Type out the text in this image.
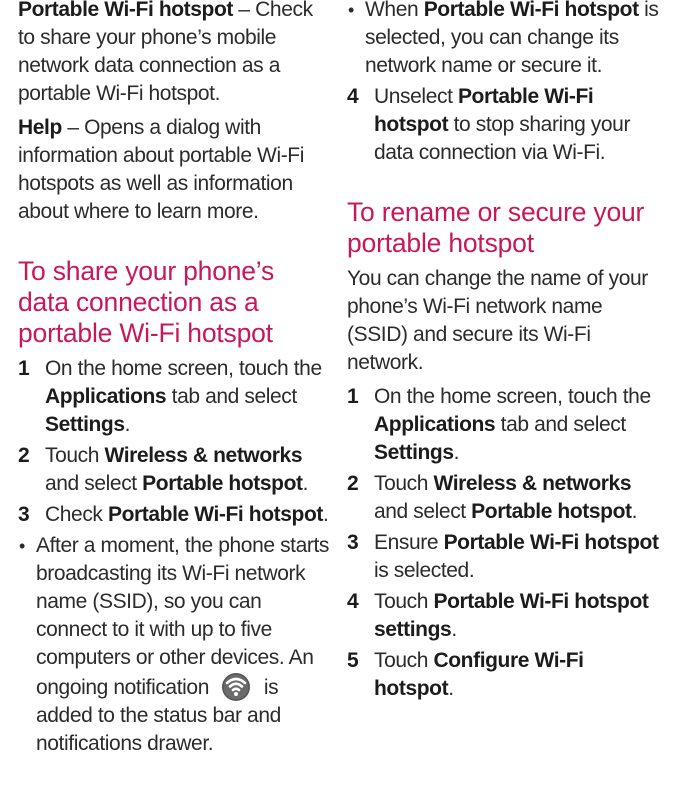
Portable Wi-Fi hotspot – Check to share your phone’s mobile network data connection as a portable Wi-Fi hotspot.

Help – Opens a dialog with information about portable Wi-Fi hotspots as well as information about where to learn more.

To share your phone’s data connection as a portable Wi-Fi hotspot
1 On the home screen, touch the Applications tab and select Settings.
2 Touch Wireless & networks and select Portable hotspot.
3 Check Portable Wi-Fi hotspot.
• After a moment, the phone starts broadcasting its Wi-Fi network name (SSID), so you can connect to it with up to five computers or other devices. An ongoing notification  is added to the status bar and notifications drawer.
• When Portable Wi-Fi hotspot is selected, you can change its network name or secure it.
4 Unselect Portable Wi-Fi hotspot to stop sharing your data connection via Wi-Fi.
To rename or secure your portable hotspot

You can change the name of your phone’s Wi-Fi network name (SSID) and secure its Wi-Fi network.

1 On the home screen, touch the Applications tab and select Settings.
2 Touch Wireless & networks and select Portable hotspot.
3 Ensure Portable Wi-Fi hotspot is selected.
4 Touch Portable Wi-Fi hotspot settings.
5 Touch Configure Wi-Fi hotspot.
